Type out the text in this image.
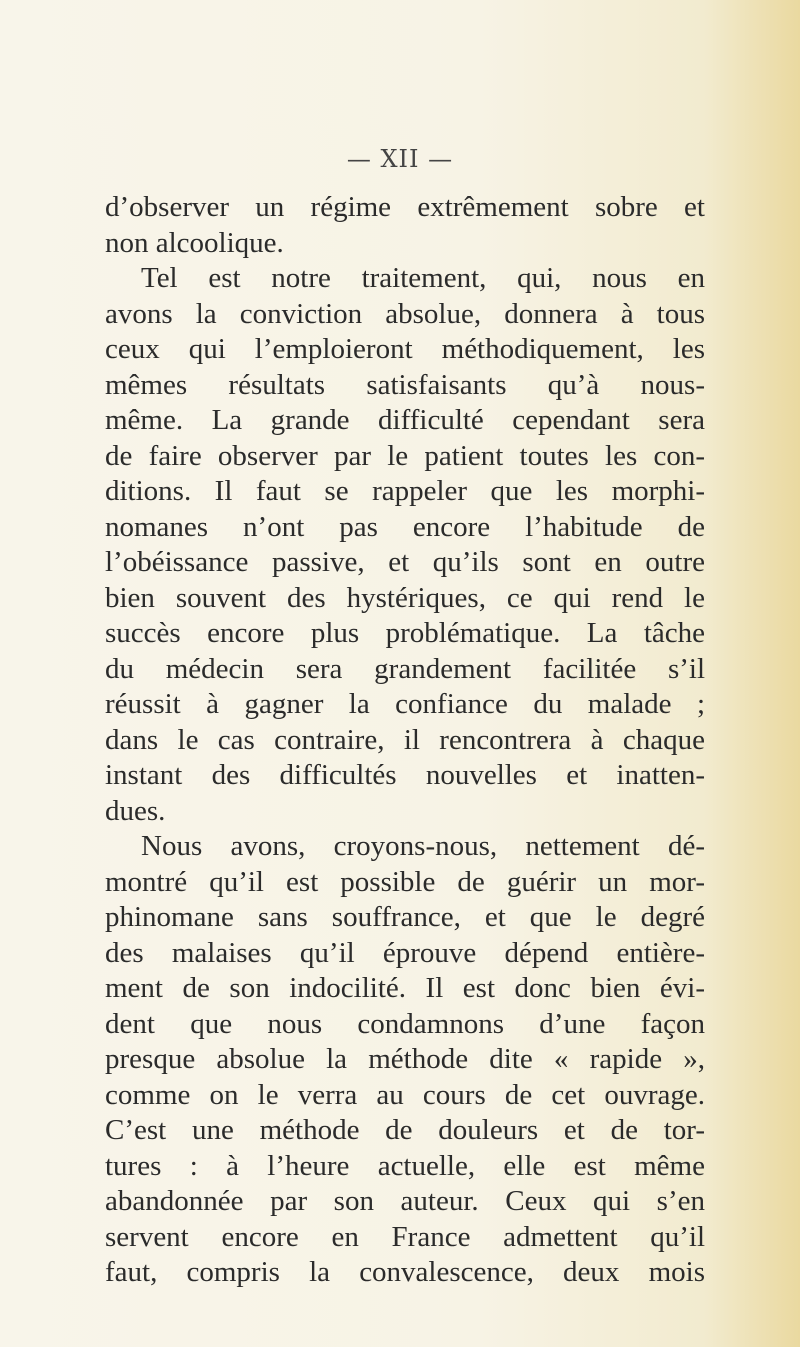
— XII —
d’observer un régime extrêmement sobre et
non alcoolique.
Tel est notre traitement, qui, nous en
avons la conviction absolue, donnera à tous
ceux qui l’emploieront méthodiquement, les
mêmes résultats satisfaisants qu’à nous-
même. La grande difficulté cependant sera
de faire observer par le patient toutes les con-
ditions. Il faut se rappeler que les morphi-
nomanes n’ont pas encore l’habitude de
l’obéissance passive, et qu’ils sont en outre
bien souvent des hystériques, ce qui rend le
succès encore plus problématique. La tâche
du médecin sera grandement facilitée s’il
réussit à gagner la confiance du malade ;
dans le cas contraire, il rencontrera à chaque
instant des difficultés nouvelles et inatten-
dues.
Nous avons, croyons-nous, nettement dé-
montré qu’il est possible de guérir un mor-
phinomane sans souffrance, et que le degré
des malaises qu’il éprouve dépend entière-
ment de son indocilité. Il est donc bien évi-
dent que nous condamnons d’une façon
presque absolue la méthode dite « rapide »,
comme on le verra au cours de cet ouvrage.
C’est une méthode de douleurs et de tor-
tures : à l’heure actuelle, elle est même
abandonnée par son auteur. Ceux qui s’en
servent encore en France admettent qu’il
faut, compris la convalescence, deux mois
